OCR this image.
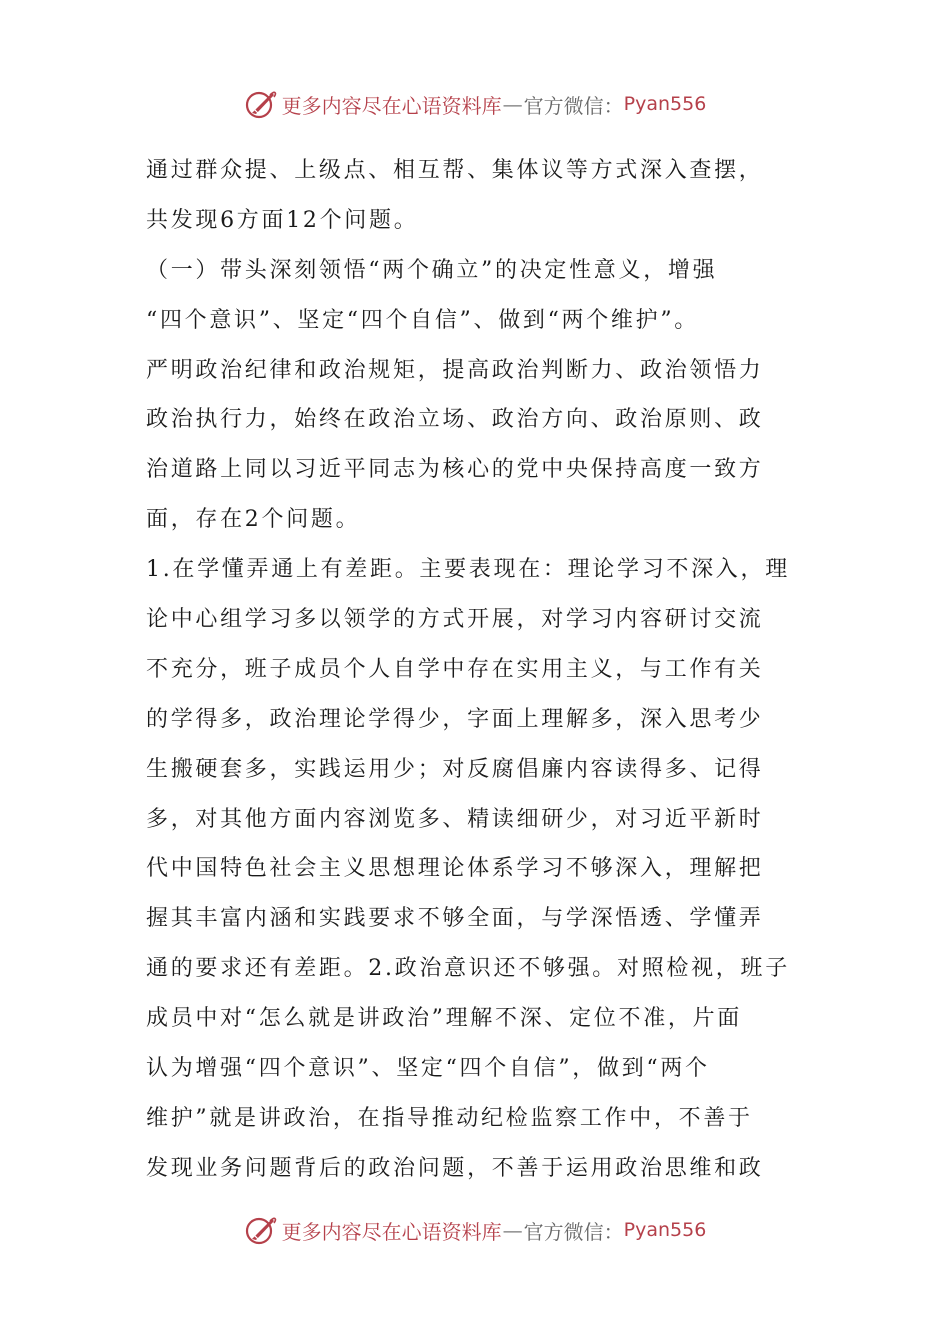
更多内容尽在心语资料库 — 官方微信： Pyan556
通过群众提、上级点、相互帮、集体议等方式深入查摆，
共发现6方面12个问题。
（一）带头深刻领悟“两个确立”的决定性意义，增强
“四个意识”、坚定“四个自信”、做到“两个维护”。
严明政治纪律和政治规矩，提高政治判断力、政治领悟力
政治执行力，始终在政治立场、政治方向、政治原则、政
治道路上同以习近平同志为核心的党中央保持高度一致方
面，存在2个问题。
1.在学懂弄通上有差距。主要表现在：理论学习不深入，理
论中心组学习多以领学的方式开展，对学习内容研讨交流
不充分，班子成员个人自学中存在实用主义，与工作有关
的学得多，政治理论学得少，字面上理解多，深入思考少
生搬硬套多，实践运用少；对反腐倡廉内容读得多、记得
多，对其他方面内容浏览多、精读细研少，对习近平新时
代中国特色社会主义思想理论体系学习不够深入，理解把
握其丰富内涵和实践要求不够全面，与学深悟透、学懂弄
通的要求还有差距。2.政治意识还不够强。对照检视，班子
成员中对“怎么就是讲政治”理解不深、定位不准，片面
认为增强“四个意识”、坚定“四个自信”，做到“两个
维护”就是讲政治，在指导推动纪检监察工作中，不善于
发现业务问题背后的政治问题，不善于运用政治思维和政
更多内容尽在心语资料库 — 官方微信： Pyan556
